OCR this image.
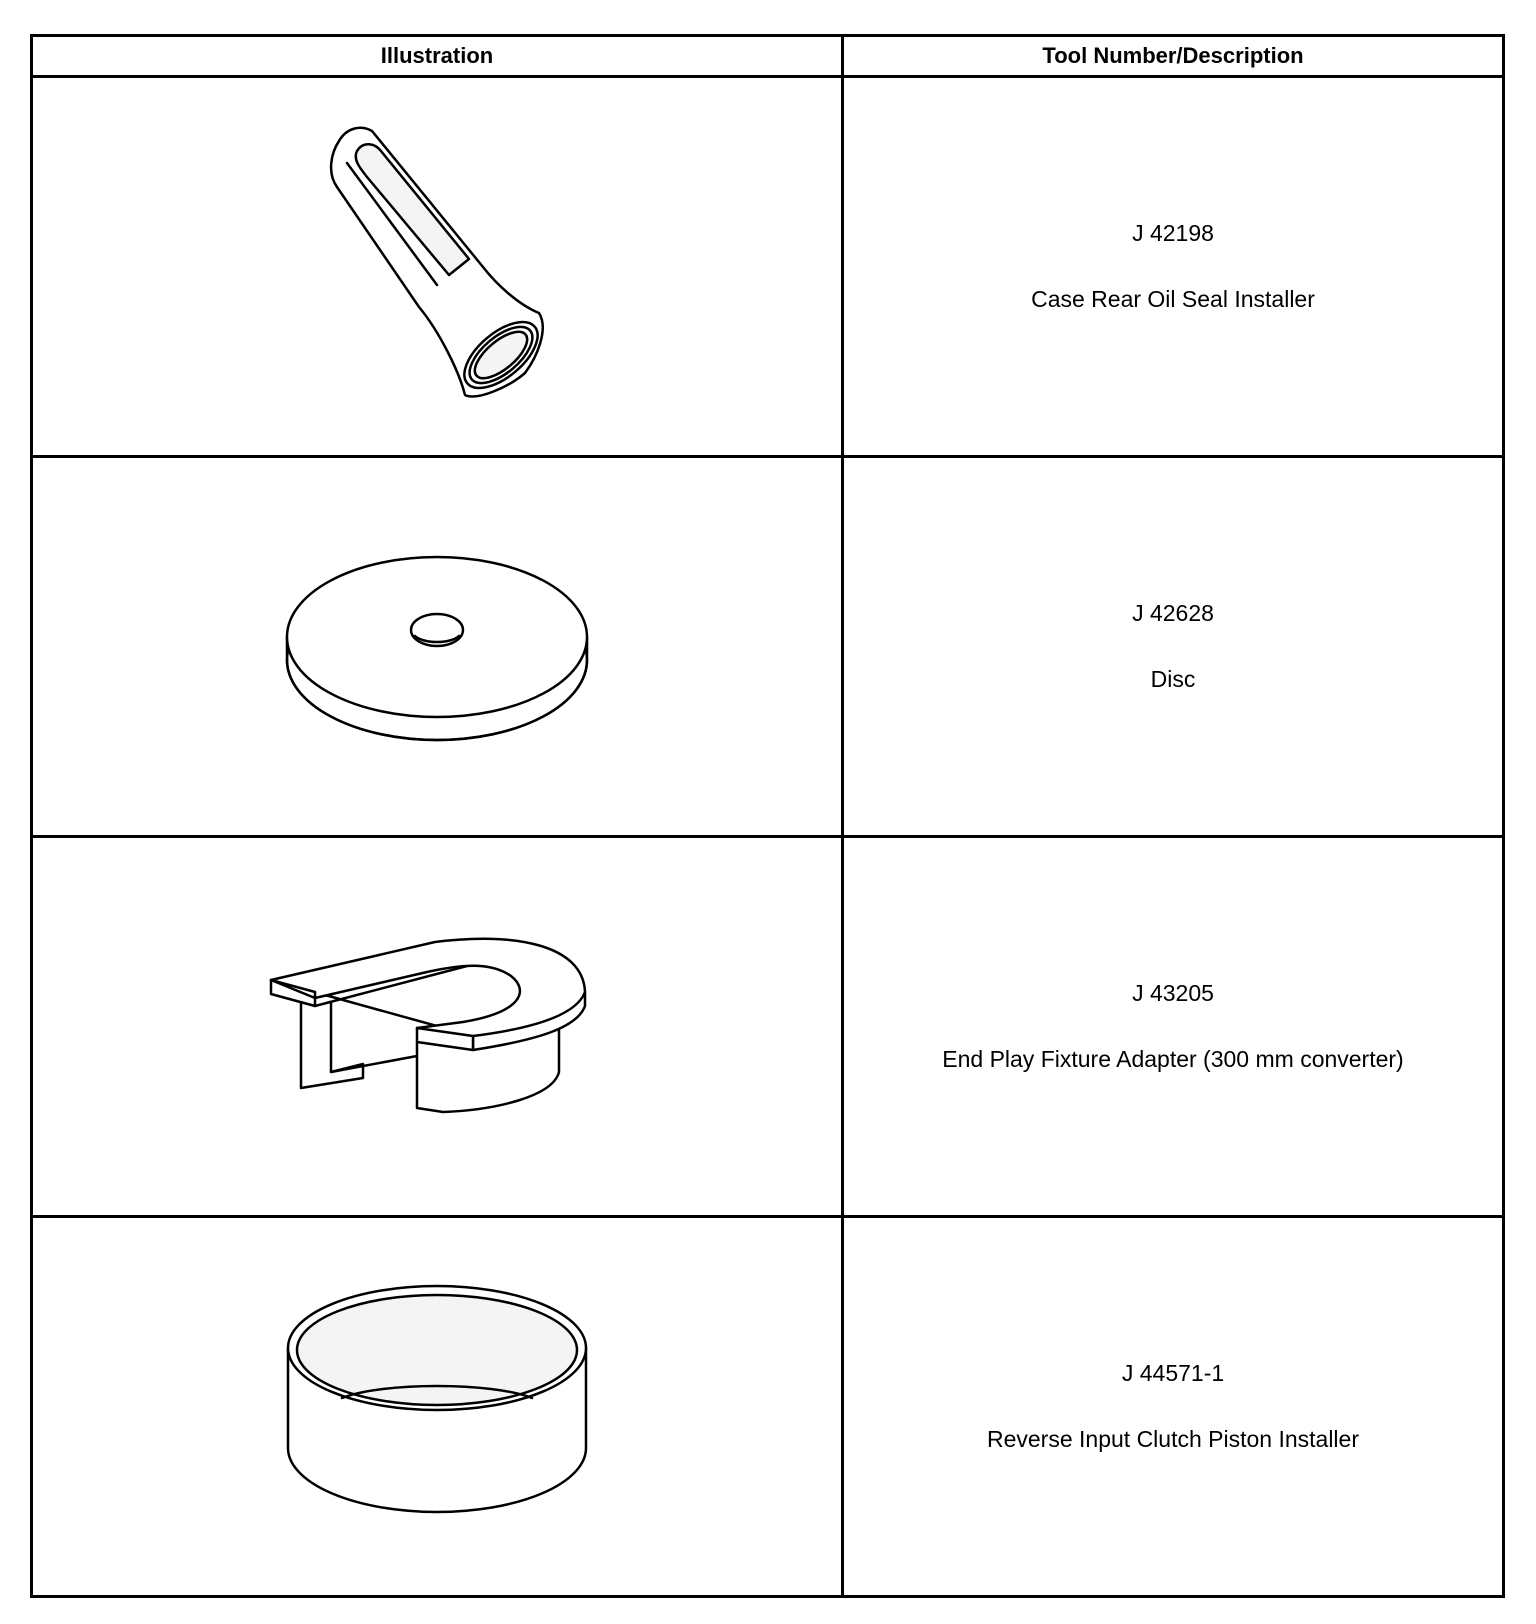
Illustration	Tool Number/Description

J 42198
Case Rear Oil Seal Installer

J 42628
Disc

J 43205
End Play Fixture Adapter (300 mm converter)

J 44571-1
Reverse Input Clutch Piston Installer
